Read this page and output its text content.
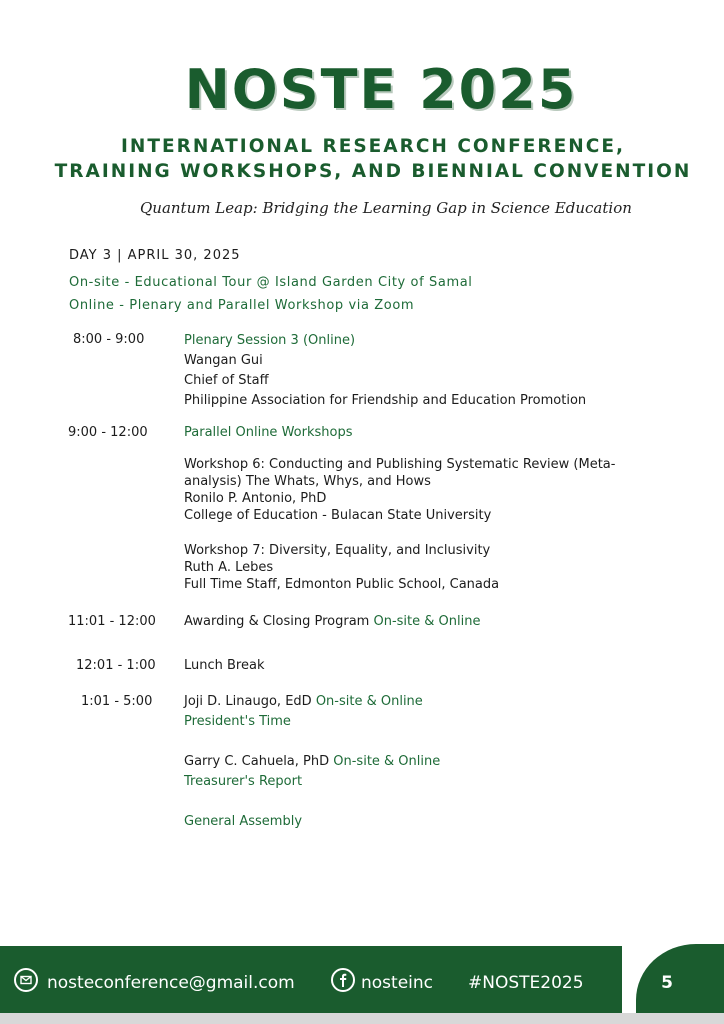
NOSTE 2025
INTERNATIONAL RESEARCH CONFERENCE,
TRAINING WORKSHOPS, AND BIENNIAL CONVENTION
Quantum Leap: Bridging the Learning Gap in Science Education
DAY 3 | APRIL 30, 2025
On-site - Educational Tour @ Island Garden City of Samal
Online - Plenary and Parallel Workshop via Zoom
8:00 - 9:00	Plenary Session 3 (Online)
Wangan Gui
Chief of Staff
Philippine Association for Friendship and Education Promotion
9:00 - 12:00	Parallel Online Workshops
Workshop 6: Conducting and Publishing Systematic Review (Meta-
analysis) The Whats, Whys, and Hows
Ronilo P. Antonio, PhD
College of Education - Bulacan State University
Workshop 7: Diversity, Equality, and Inclusivity
Ruth A. Lebes
Full Time Staff, Edmonton Public School, Canada
11:01 - 12:00 Awarding & Closing Program On-site & Online
12:01 - 1:00 Lunch Break
1:01 - 5:00 Joji D. Linaugo, EdD On-site & Online
President's Time
Garry C. Cahuela, PhD On-site & Online
Treasurer's Report
General Assembly
nosteconference@gmail.com	nosteinc #NOSTE2025	5
